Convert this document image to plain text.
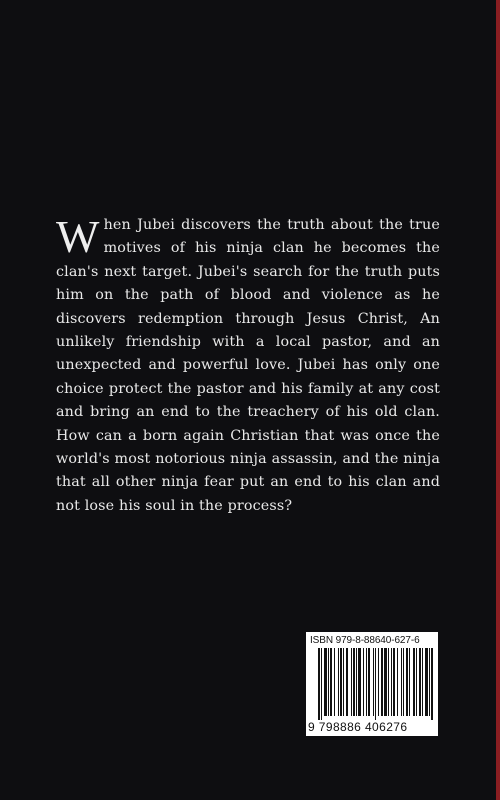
When Jubei discovers the truth about the true motives of his ninja clan he becomes the clan's next target. Jubei's search for the truth puts him on the path of blood and violence as he discovers redemption through Jesus Christ, An unlikely friendship with a local pastor, and an unexpected and powerful love. Jubei has only one choice protect the pastor and his family at any cost and bring an end to the treachery of his old clan. How can a born again Christian that was once the world's most notorious ninja assassin, and the ninja that all other ninja fear put an end to his clan and not lose his soul in the process?

ISBN 979-8-88640-627-6
9 798886 406276
